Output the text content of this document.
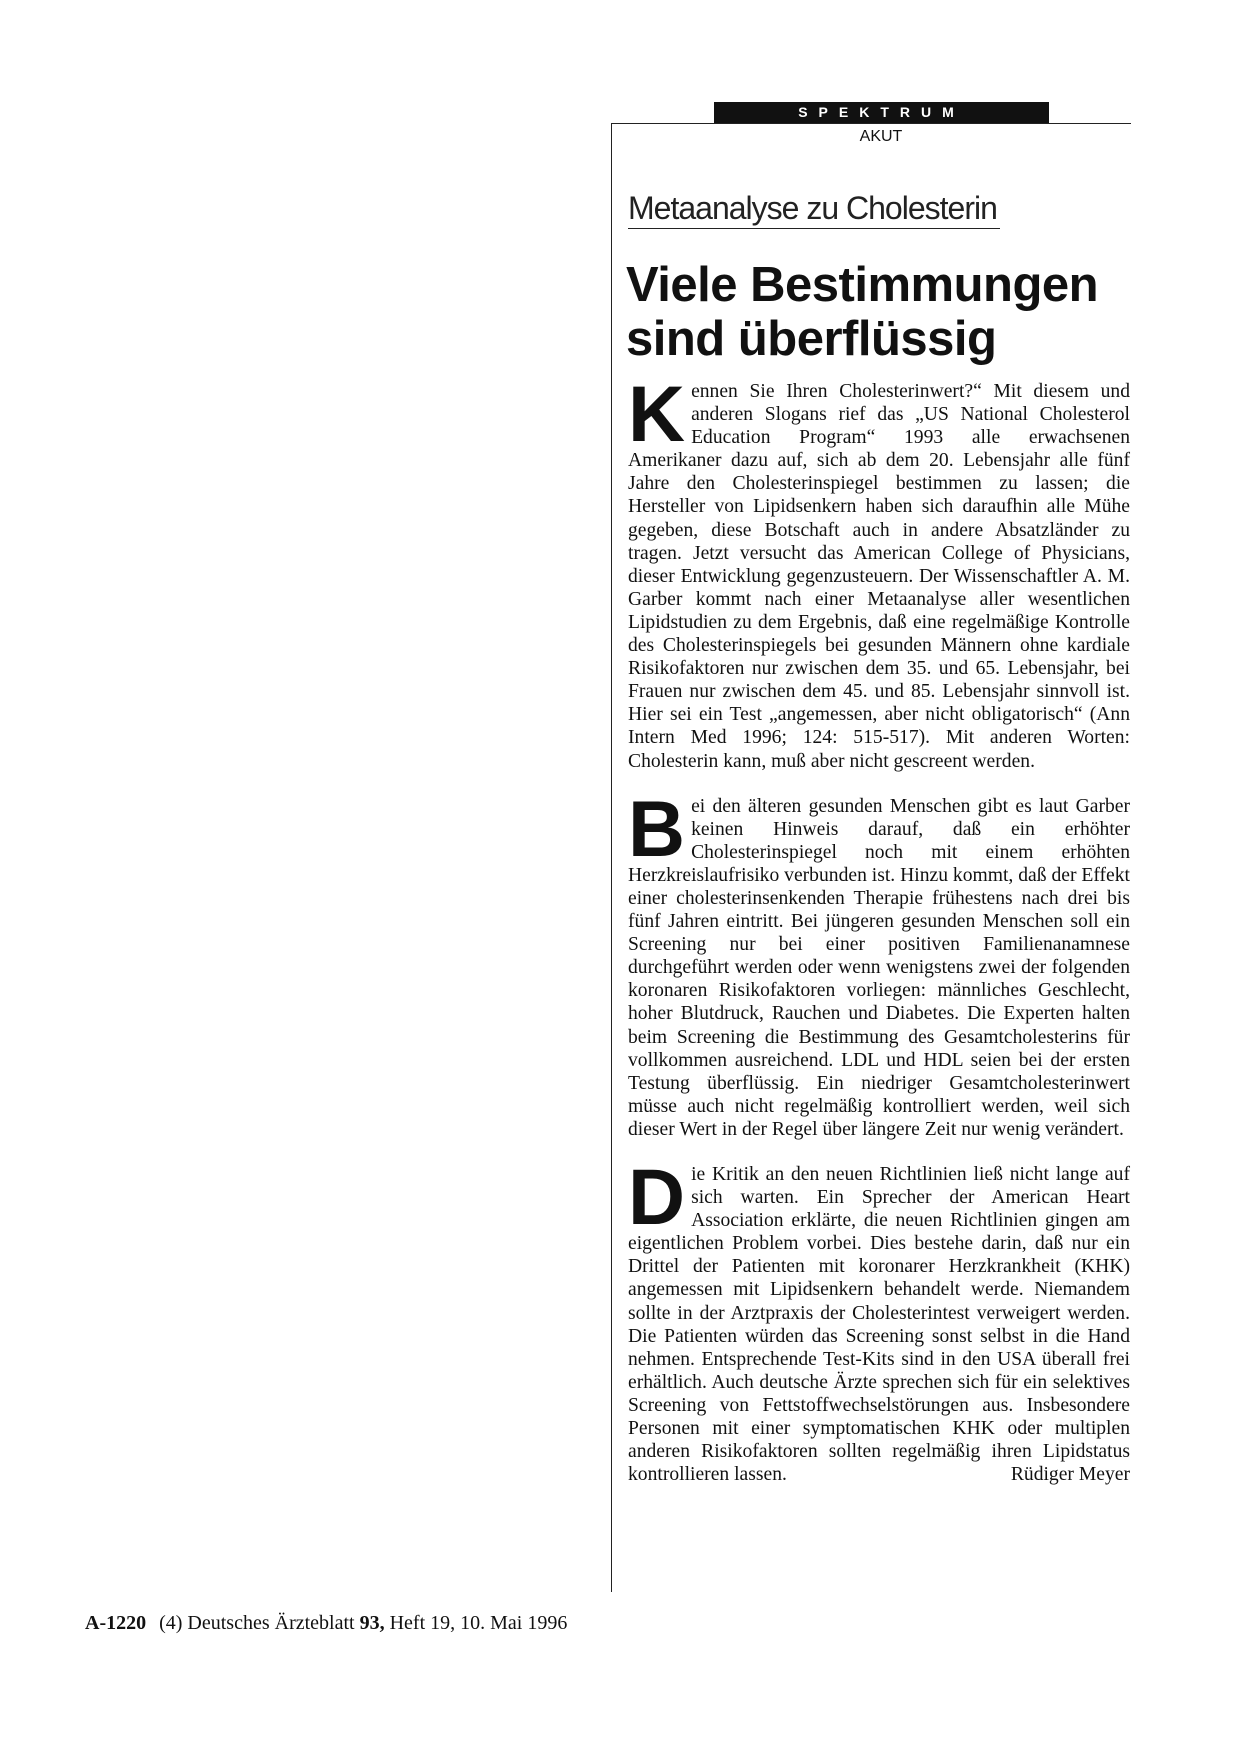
SPEKTRUM
AKUT
Metaanalyse zu Cholesterin
Viele Bestimmungen
sind überflüssig

Kennen Sie Ihren Cholesterinwert?“ Mit diesem und anderen Slogans rief das „US National Cholesterol Education Program“ 1993 alle erwachsenen Amerikaner dazu auf, sich ab dem 20. Lebensjahr alle fünf Jahre den Cholesterinspiegel bestimmen zu lassen; die Hersteller von Lipidsenkern haben sich daraufhin alle Mühe gegeben, diese Botschaft auch in andere Absatzländer zu tragen. Jetzt versucht das American College of Physicians, dieser Entwicklung gegenzusteuern. Der Wissenschaftler A. M. Garber kommt nach einer Metaanalyse aller wesentlichen Lipidstudien zu dem Ergebnis, daß eine regelmäßige Kontrolle des Cholesterinspiegels bei gesunden Männern ohne kardiale Risikofaktoren nur zwischen dem 35. und 65. Lebensjahr, bei Frauen nur zwischen dem 45. und 85. Lebensjahr sinnvoll ist. Hier sei ein Test „angemessen, aber nicht obligatorisch“ (Ann Intern Med 1996; 124: 515-517). Mit anderen Worten: Cholesterin kann, muß aber nicht gescreent werden.

Bei den älteren gesunden Menschen gibt es laut Garber keinen Hinweis darauf, daß ein erhöhter Cholesterinspiegel noch mit einem erhöhten Herzkreislaufrisiko verbunden ist. Hinzu kommt, daß der Effekt einer cholesterinsenkenden Therapie frühestens nach drei bis fünf Jahren eintritt. Bei jüngeren gesunden Menschen soll ein Screening nur bei einer positiven Familienanamnese durchgeführt werden oder wenn wenigstens zwei der folgenden koronaren Risikofaktoren vorliegen: männliches Geschlecht, hoher Blutdruck, Rauchen und Diabetes. Die Experten halten beim Screening die Bestimmung des Gesamtcholesterins für vollkommen ausreichend. LDL und HDL seien bei der ersten Testung überflüssig. Ein niedriger Gesamtcholesterinwert müsse auch nicht regelmäßig kontrolliert werden, weil sich dieser Wert in der Regel über längere Zeit nur wenig verändert.

Die Kritik an den neuen Richtlinien ließ nicht lange auf sich warten. Ein Sprecher der American Heart Association erklärte, die neuen Richtlinien gingen am eigentlichen Problem vorbei. Dies bestehe darin, daß nur ein Drittel der Patienten mit koronarer Herzkrankheit (KHK) angemessen mit Lipidsenkern behandelt werde. Niemandem sollte in der Arztpraxis der Cholesterintest verweigert werden. Die Patienten würden das Screening sonst selbst in die Hand nehmen. Entsprechende Test-Kits sind in den USA überall frei erhältlich. Auch deutsche Ärzte sprechen sich für ein selektives Screening von Fettstoffwechselstörungen aus. Insbesondere Personen mit einer symptomatischen KHK oder multiplen anderen Risikofaktoren sollten regelmäßig ihren Lipidstatus kontrollieren lassen.	Rüdiger Meyer

A-1220 (4) Deutsches Ärzteblatt 93, Heft 19, 10. Mai 1996
